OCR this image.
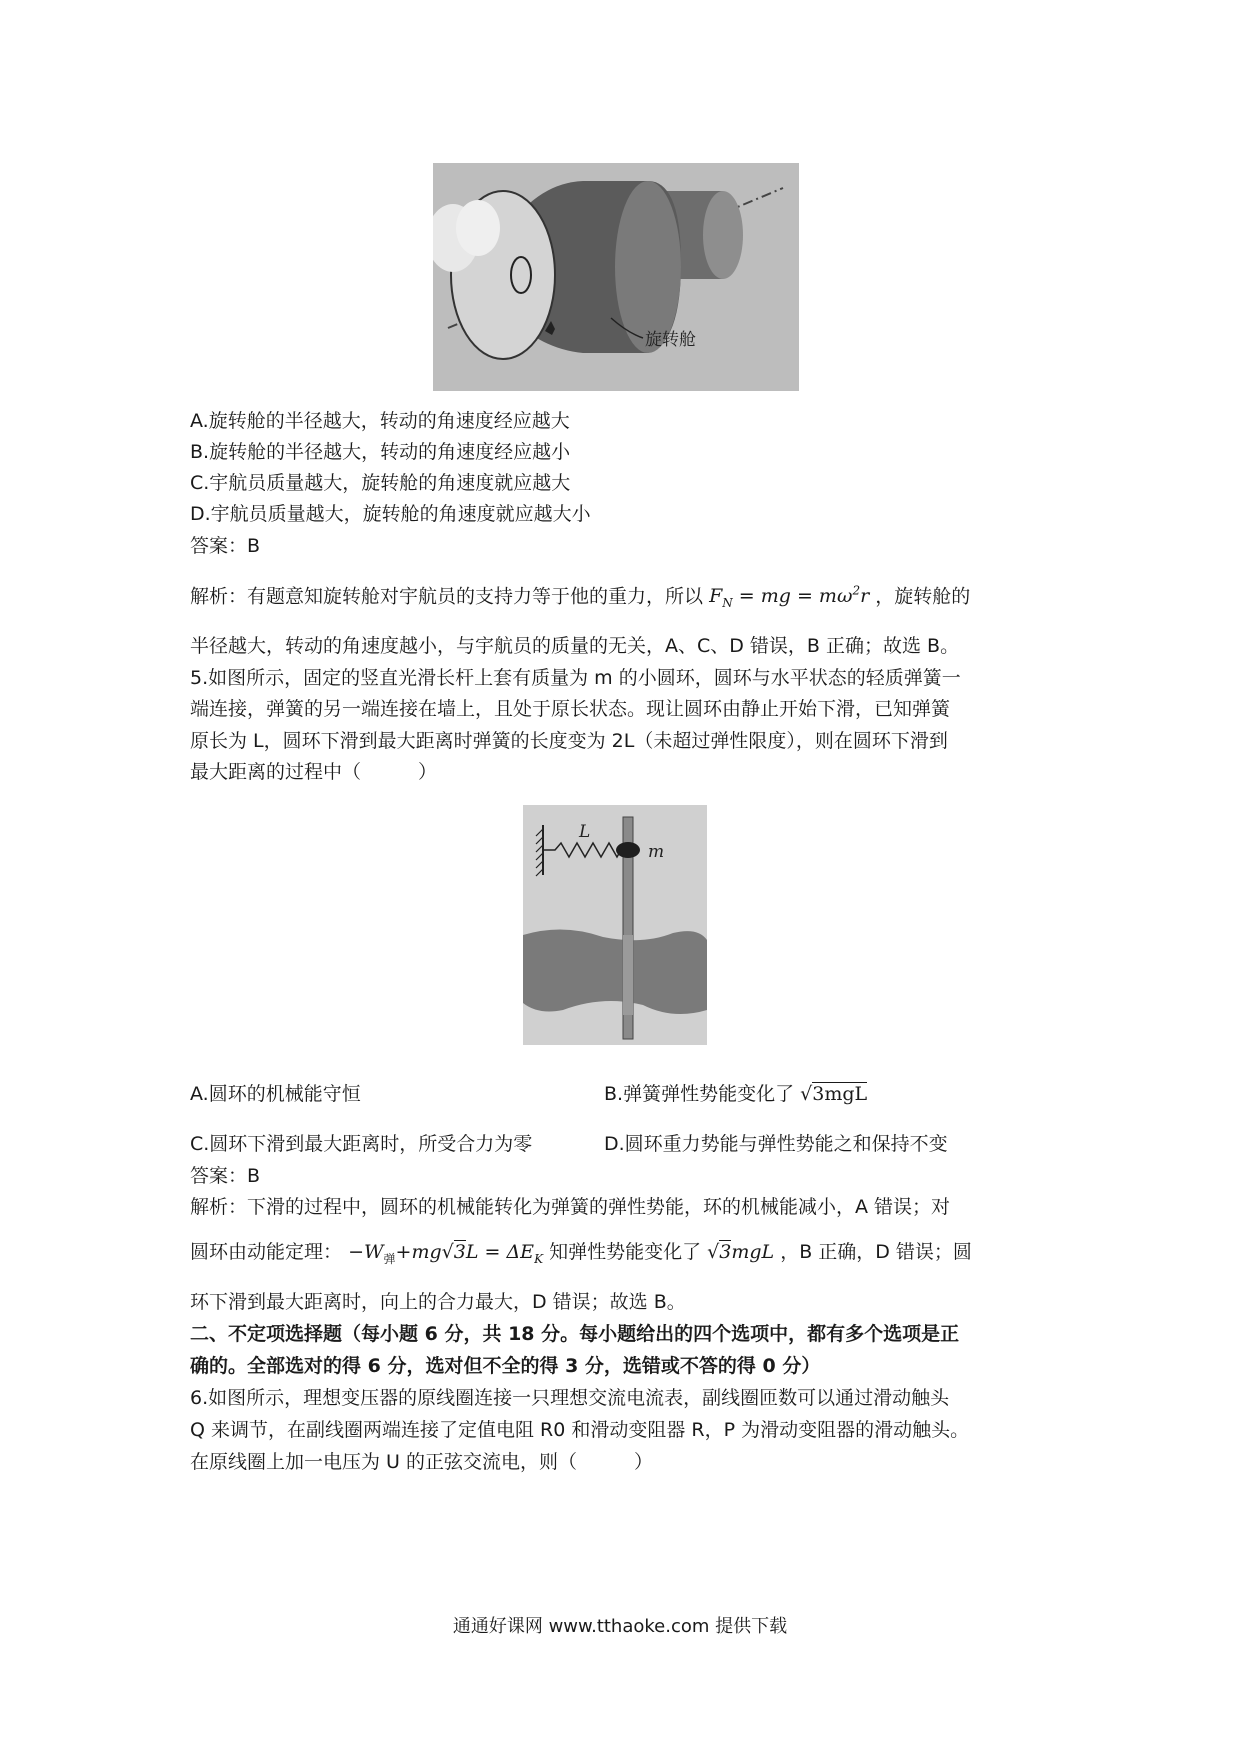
旋转舱
A.旋转舱的半径越大，转动的角速度经应越大
B.旋转舱的半径越大，转动的角速度经应越小
C.宇航员质量越大，旋转舱的角速度就应越大
D.宇航员质量越大，旋转舱的角速度就应越大小
答案：B
解析：有题意知旋转舱对宇航员的支持力等于他的重力，所以 $F_N$ = mg = $m\omega^2r$ ，旋转舱的
半径越大，转动的角速度越小，与宇航员的质量的无关，A、C、D 错误，B 正确；故选 B。
5.如图所示，固定的竖直光滑长杆上套有质量为 m 的小圆环，圆环与水平状态的轻质弹簧一
端连接，弹簧的另一端连接在墙上，且处于原长状态。现让圆环由静止开始下滑，已知弹簧
原长为 L，圆环下滑到最大距离时弹簧的长度变为 2L（未超过弹性限度），则在圆环下滑到
最大距离的过程中（　　　）
L
m
A.圆环的机械能守恒	B.弹簧弹性势能变化了 √3mgL
C.圆环下滑到最大距离时，所受合力为零	D.圆环重力势能与弹性势能之和保持不变
答案：B
解析：下滑的过程中，圆环的机械能转化为弹簧的弹性势能，环的机械能减小，A 错误；对
圆环由动能定理： $-W_弹+mg√3L = \Delta E_K$ 知弹性势能变化了 √3mgL ，B 正确，D 错误；圆
环下滑到最大距离时，向上的合力最大，D 错误；故选 B。
二、不定项选择题（每小题 6 分，共 18 分。每小题给出的四个选项中，都有多个选项是正
确的。全部选对的得 6 分，选对但不全的得 3 分，选错或不答的得 0 分）
6.如图所示，理想变压器的原线圈连接一只理想交流电流表，副线圈匝数可以通过滑动触头
Q 来调节，在副线圈两端连接了定值电阻 R0 和滑动变阻器 R，P 为滑动变阻器的滑动触头。
在原线圈上加一电压为 U 的正弦交流电，则（　　　）
通通好课网 www.tthaoke.com 提供下载
